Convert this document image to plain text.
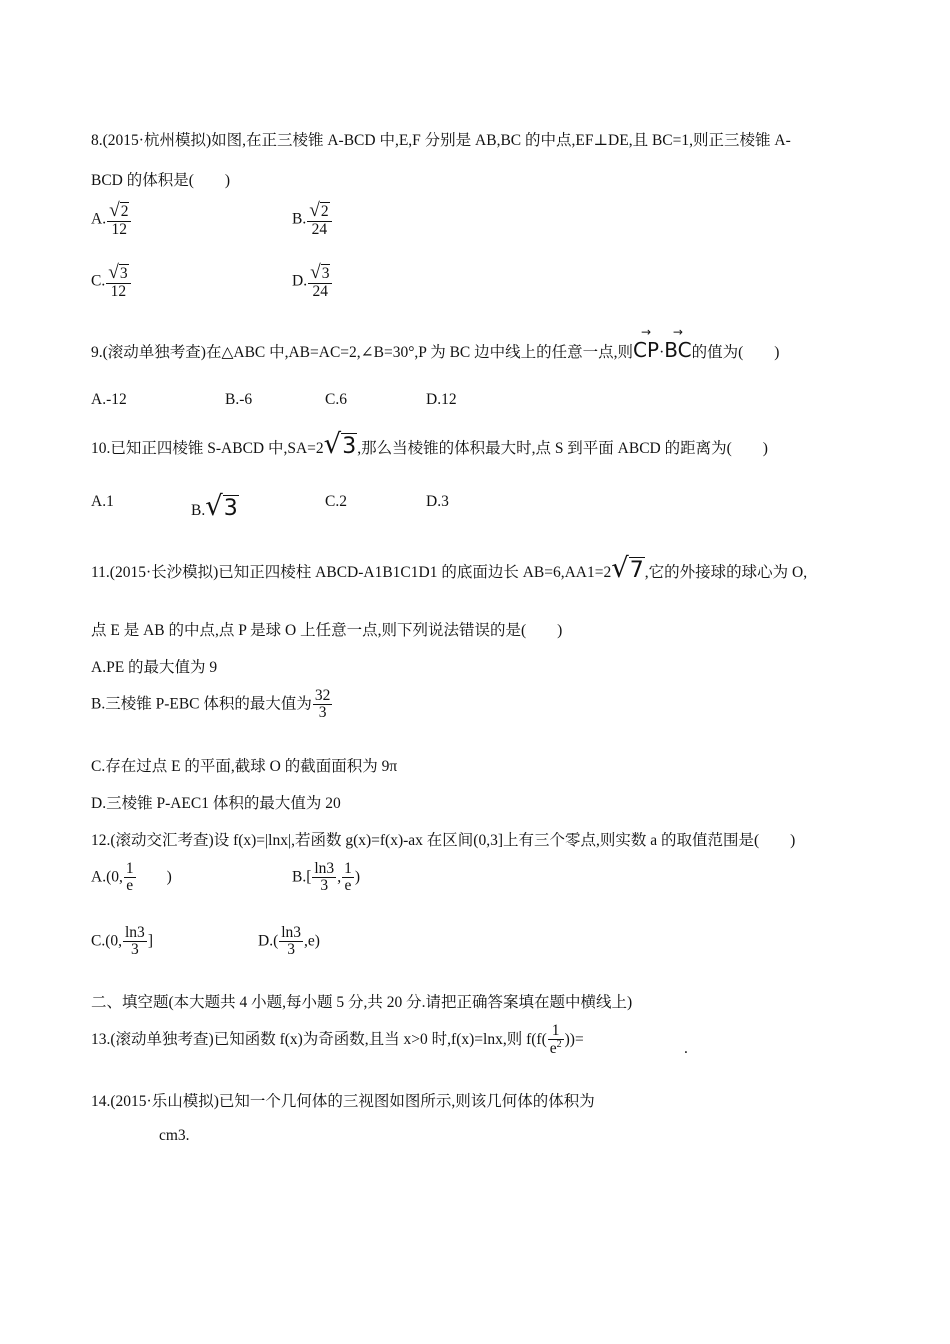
8.(2015·杭州模拟)如图,在正三棱锥 A-BCD 中,E,F 分别是 AB,BC 的中点,EF⊥DE,且 BC=1,则正三棱锥 A-
BCD 的体积是(　　)
A. $\frac{√2}{12}$	B. $\frac{√2}{24}$
C. $\frac{√3}{12}$	D. $\frac{√3}{24}$
9.(滚动单独考查)在△ABC 中,AB=AC=2,∠B=30°,P 为 BC 边中线上的任意一点,则
→
CP·
→
BC的值为(　　)
A.-12	B.-6	C.6	D.12
10.已知正四棱锥 S-ABCD 中,SA=2√3,那么当棱锥的体积最大时,点 S 到平面 ABCD 的距离为(　　)
A.1
B.√3	C.2	D.3
11.(2015·长沙模拟)已知正四棱柱 ABCD-A1B1C1D1 的底面边长 AB=6,AA1=2√7,它的外接球的球心为 O,
点 E 是 AB 的中点,点 P 是球 O 上任意一点,则下列说法错误的是(　　)
A.PE 的最大值为 9
B.三棱锥 P-EBC 体积的最大值为 $\frac{32}{3}$
C.存在过点 E 的平面,截球 O 的截面面积为 9π
D.三棱锥 P-AEC1 体积的最大值为 20
12.(滚动交汇考查)设 f(x)=|lnx|,若函数 g(x)=f(x)-ax 在区间(0,3]上有三个零点,则实数 a 的取值范围是(　　)
A.(0, $\frac{1}{e}$ )	$B.[ \frac{\ln 3}{3}$ , $\frac{1}{e}$ )
C.(0, $\frac{\ln 3}{3}$ ]	$D.( \frac{\ln 3}{3} ,e)$
二、填空题(本大题共 4 小题,每小题 5 分,共 20 分.请把正确答案填在题中横线上)
13.(滚动单独考查)已知函数 f(x)为奇函数,且当 x>0 时,f(x)=lnx,则 $f(f( \frac{1}{e^2}$ ))=
.
14.(2015·乐山模拟)已知一个几何体的三视图如图所示,则该几何体的体积为
cm3.
